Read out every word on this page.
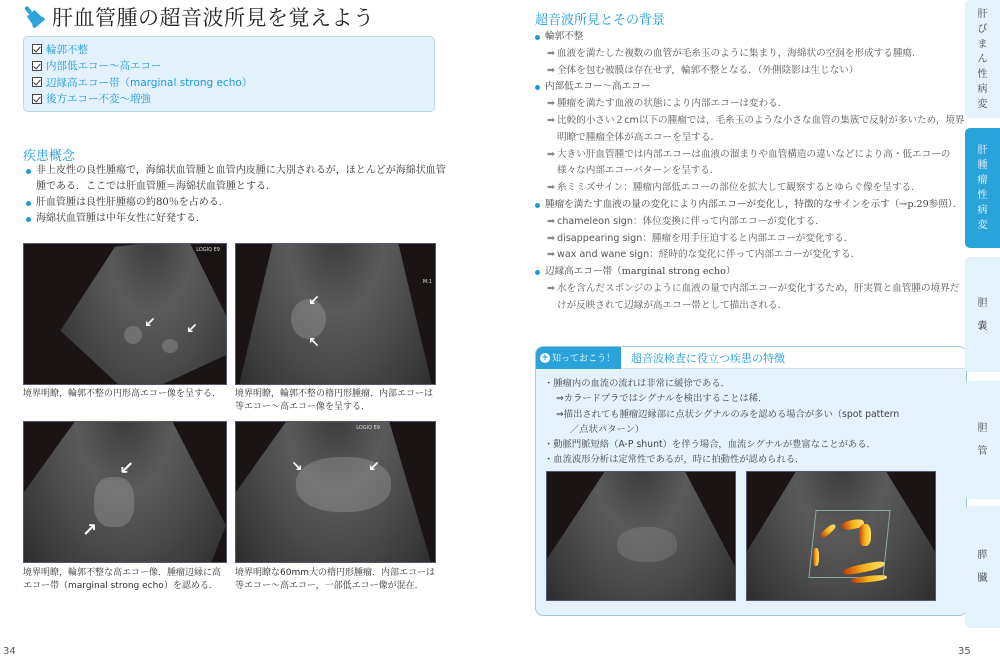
肝血管腫の超音波所見を覚えよう
輪郭不整
内部低エコー〜高エコー
辺縁高エコー帯（marginal strong echo）
後方エコー不変〜増強
疾患概念
非上皮性の良性腫瘍で，海綿状血管腫と血管内皮腫に大別されるが，ほとんどが海綿状血管腫である．ここでは肝血管腫＝海綿状血管腫とする．
肝血管腫は良性肝腫瘍の約80％を占める．
海綿状血管腫は中年女性に好発する．
↙ ↙
LOGIQ E9
境界明瞭，輪郭不整の円形高エコー像を呈する．
↙
↖
M:1
境界明瞭，輪郭不整の楕円形腫瘤．内部エコーは等エコー〜高エコー像を呈する．
↙
↗
境界明瞭，輪郭不整な高エコー像．腫瘤辺縁に高エコー帯（marginal strong echo）を認める．
↘	↙
LOGIQ E9
境界明瞭な60mm大の楕円形腫瘤．内部エコーは等エコー〜高エコー，一部低エコー像が混在．
34
超音波所見とその背景
輪郭不整
➡ 血液を満たした複数の血管が毛糸玉のように集まり，海綿状の空洞を形成する腫瘍．
➡ 全体を包む被膜は存在せず，輪郭不整となる．（外側陰影は生じない）
内部低エコー〜高エコー
➡ 腫瘤を満たす血液の状態により内部エコーは変わる．
➡ 比較的小さい２cm以下の腫瘤では，毛糸玉のような小さな血管の集簇で反射が多いため，境界明瞭で腫瘤全体が高エコーを呈する．
➡ 大きい肝血管腫では内部エコーは血液の溜まりや血管構造の違いなどにより高・低エコーの様々な内部エコーパターンを呈する．
➡ 糸ミミズサイン：腫瘤内部低エコーの部位を拡大して観察するとゆらぐ像を呈する．
腫瘤を満たす血液の量の変化により内部エコーが変化し，特徴的なサインを示す（→p.29参照）．
➡ chameleon sign：体位変換に伴って内部エコーが変化する．
➡ disappearing sign：腫瘤を用手圧迫すると内部エコーが変化する．
➡ wax and wane sign：経時的な変化に伴って内部エコーが変化する．
辺縁高エコー帯（marginal strong echo）
➡ 水を含んだスポンジのように血液の量で内部エコーが変化するため，肝実質と血管腫の境界だけが反映されて辺縁が高エコー帯として描出される．
+ 知っておこう！ 超音波検査に役立つ疾患の特徴
・腫瘤内の血流の流れは非常に緩徐である．
⇒カラードプラではシグナルを検出することは稀．
⇒描出されても腫瘤辺縁部に点状シグナルのみを認める場合が多い（spot pattern
／点状パターン）
・動脈門脈短絡（A-P shunt）を伴う場合，血流シグナルが豊富なことがある．
・血流波形分析は定常性であるが，時に拍動性が認められる．
35
肝
び
ま
ん
性
病
変
肝
腫
瘤
性
病
変
胆
嚢
胆
管
膵
臓
